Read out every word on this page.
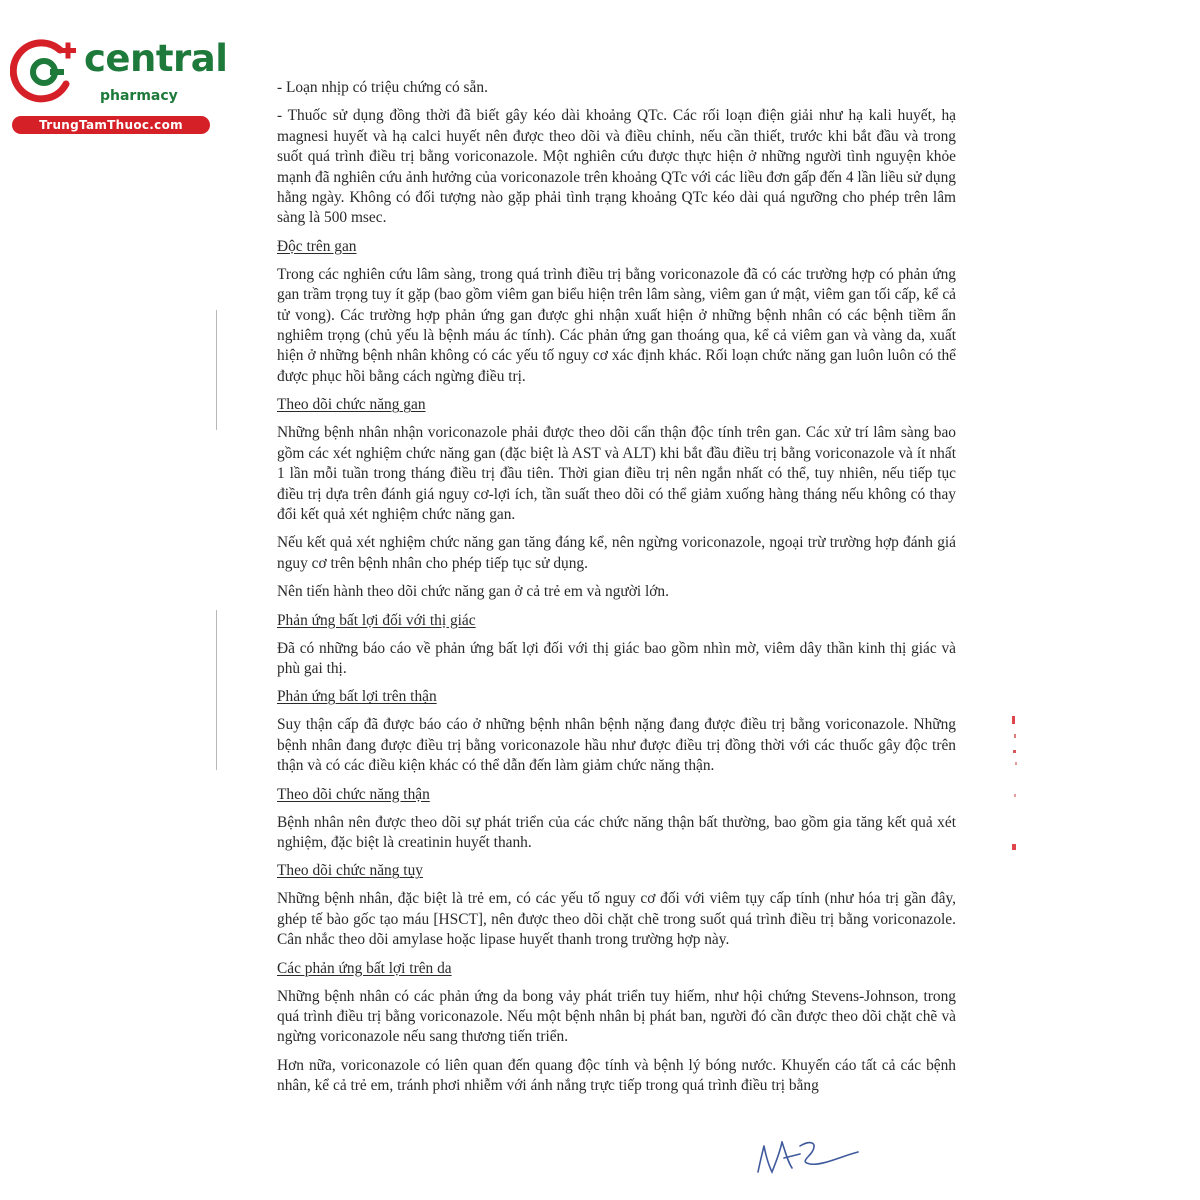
central
pharmacy
TrungTamThuoc.com

- Loạn nhịp có triệu chứng có sẵn.

- Thuốc sử dụng đồng thời đã biết gây kéo dài khoảng QTc. Các rối loạn điện giải như hạ kali huyết, hạ magnesi huyết và hạ calci huyết nên được theo dõi và điều chỉnh, nếu cần thiết, trước khi bắt đầu và trong suốt quá trình điều trị bằng voriconazole. Một nghiên cứu được thực hiện ở những người tình nguyện khỏe mạnh đã nghiên cứu ảnh hưởng của voriconazole trên khoảng QTc với các liều đơn gấp đến 4 lần liều sử dụng hằng ngày. Không có đối tượng nào gặp phải tình trạng khoảng QTc kéo dài quá ngưỡng cho phép trên lâm sàng là 500 msec.

Độc trên gan

Trong các nghiên cứu lâm sàng, trong quá trình điều trị bằng voriconazole đã có các trường hợp có phản ứng gan trầm trọng tuy ít gặp (bao gồm viêm gan biểu hiện trên lâm sàng, viêm gan ứ mật, viêm gan tối cấp, kể cả tử vong). Các trường hợp phản ứng gan được ghi nhận xuất hiện ở những bệnh nhân có các bệnh tiềm ẩn nghiêm trọng (chủ yếu là bệnh máu ác tính). Các phản ứng gan thoáng qua, kể cả viêm gan và vàng da, xuất hiện ở những bệnh nhân không có các yếu tố nguy cơ xác định khác. Rối loạn chức năng gan luôn luôn có thể được phục hồi bằng cách ngừng điều trị.

Theo dõi chức năng gan

Những bệnh nhân nhận voriconazole phải được theo dõi cẩn thận độc tính trên gan. Các xử trí lâm sàng bao gồm các xét nghiệm chức năng gan (đặc biệt là AST và ALT) khi bắt đầu điều trị bằng voriconazole và ít nhất 1 lần mỗi tuần trong tháng điều trị đầu tiên. Thời gian điều trị nên ngắn nhất có thể, tuy nhiên, nếu tiếp tục điều trị dựa trên đánh giá nguy cơ-lợi ích, tần suất theo dõi có thể giảm xuống hàng tháng nếu không có thay đổi kết quả xét nghiệm chức năng gan.

Nếu kết quả xét nghiệm chức năng gan tăng đáng kể, nên ngừng voriconazole, ngoại trừ trường hợp đánh giá nguy cơ trên bệnh nhân cho phép tiếp tục sử dụng.

Nên tiến hành theo dõi chức năng gan ở cả trẻ em và người lớn.

Phản ứng bất lợi đối với thị giác

Đã có những báo cáo về phản ứng bất lợi đối với thị giác bao gồm nhìn mờ, viêm dây thần kinh thị giác và phù gai thị.

Phản ứng bất lợi trên thận

Suy thận cấp đã được báo cáo ở những bệnh nhân bệnh nặng đang được điều trị bằng voriconazole. Những bệnh nhân đang được điều trị bằng voriconazole hầu như được điều trị đồng thời với các thuốc gây độc trên thận và có các điều kiện khác có thể dẫn đến làm giảm chức năng thận.

Theo dõi chức năng thận

Bệnh nhân nên được theo dõi sự phát triển của các chức năng thận bất thường, bao gồm gia tăng kết quả xét nghiệm, đặc biệt là creatinin huyết thanh.

Theo dõi chức năng tụy

Những bệnh nhân, đặc biệt là trẻ em, có các yếu tố nguy cơ đối với viêm tụy cấp tính (như hóa trị gần đây, ghép tế bào gốc tạo máu [HSCT], nên được theo dõi chặt chẽ trong suốt quá trình điều trị bằng voriconazole. Cân nhắc theo dõi amylase hoặc lipase huyết thanh trong trường hợp này.

Các phản ứng bất lợi trên da

Những bệnh nhân có các phản ứng da bong vảy phát triển tuy hiếm, như hội chứng Stevens-Johnson, trong quá trình điều trị bằng voriconazole. Nếu một bệnh nhân bị phát ban, người đó cần được theo dõi chặt chẽ và ngừng voriconazole nếu sang thương tiến triển.

Hơn nữa, voriconazole có liên quan đến quang độc tính và bệnh lý bóng nước. Khuyến cáo tất cả các bệnh nhân, kể cả trẻ em, tránh phơi nhiễm với ánh nắng trực tiếp trong quá trình điều trị bằng
